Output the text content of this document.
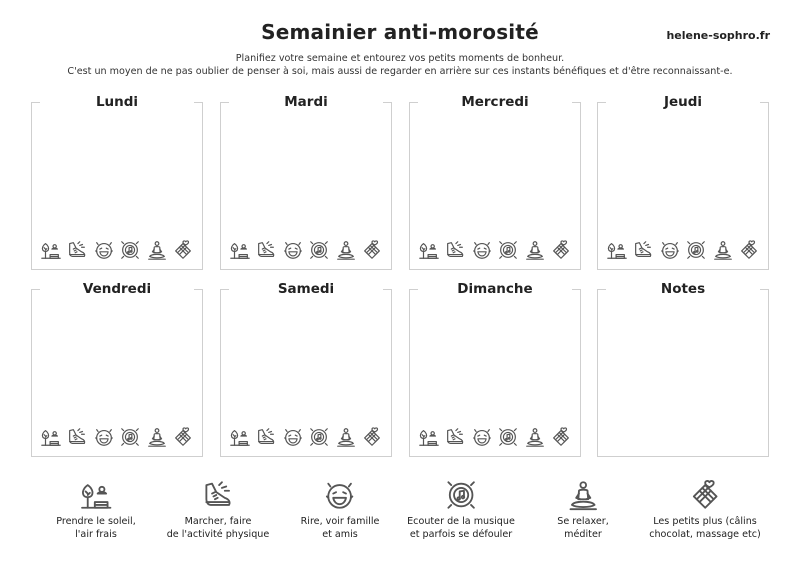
Semainier anti-morosité	helene-sophro.fr
Planifiez votre semaine et entourez vos petits moments de bonheur.
C'est un moyen de ne pas oublier de penser à soi, mais aussi de regarder en arrière sur ces instants bénéfiques et d'être reconnaissant-e.
Lundi	Mardi	Mercredi	Jeudi
Vendredi	Samedi	Dimanche	Notes
Prendre le soleil,
l'air frais
Marcher, faire
de l'activité physique
Rire, voir famille
et amis
Ecouter de la musique
et parfois se défouler
Se relaxer,
méditer
Les petits plus (câlins
chocolat, massage etc)
